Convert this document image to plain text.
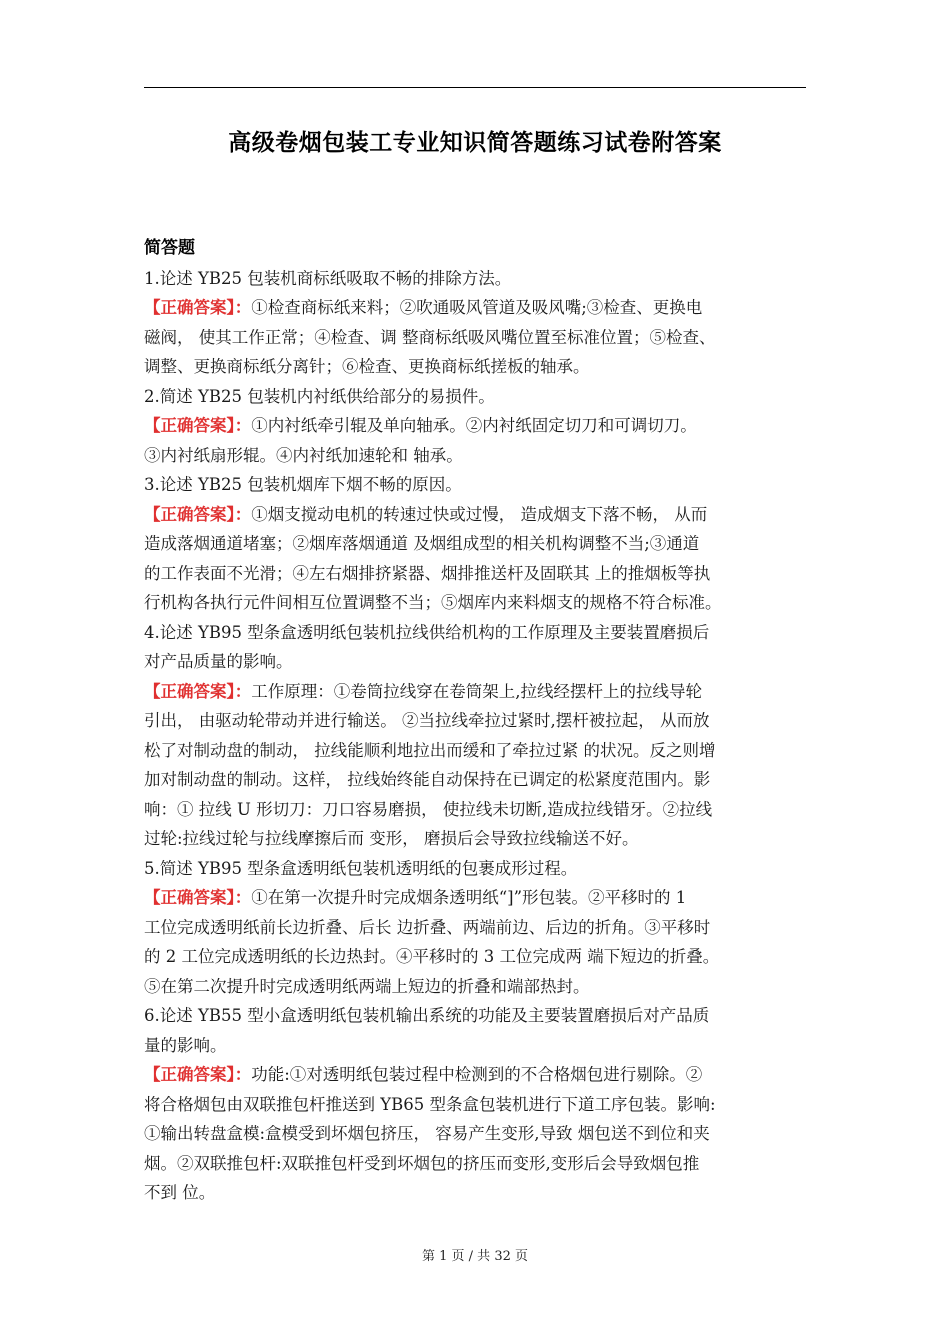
高级卷烟包装工专业知识简答题练习试卷附答案
简答题
1.论述 YB25 包装机商标纸吸取不畅的排除方法。
【正确答案】：①检查商标纸来料；②吹通吸风管道及吸风嘴;③检查、更换电
磁阀， 使其工作正常；④检查、调 整商标纸吸风嘴位置至标准位置；⑤检查、
调整、更换商标纸分离针；⑥检查、更换商标纸搓板的轴承。
2.简述 YB25 包装机内衬纸供给部分的易损件。
【正确答案】：①内衬纸牵引辊及单向轴承。②内衬纸固定切刀和可调切刀。
③内衬纸扇形辊。④内衬纸加速轮和 轴承。
3.论述 YB25 包装机烟库下烟不畅的原因。
【正确答案】：①烟支搅动电机的转速过快或过慢， 造成烟支下落不畅， 从而
造成落烟通道堵塞；②烟库落烟通道 及烟组成型的相关机构调整不当;③通道
的工作表面不光滑；④左右烟排挤紧器、烟排推送杆及固联其 上的推烟板等执
行机构各执行元件间相互位置调整不当；⑤烟库内来料烟支的规格不符合标准。
4.论述 YB95 型条盒透明纸包装机拉线供给机构的工作原理及主要装置磨损后
对产品质量的影响。
【正确答案】：工作原理：①卷筒拉线穿在卷筒架上,拉线经摆杆上的拉线导轮
引出， 由驱动轮带动并进行输送。 ②当拉线牵拉过紧时,摆杆被拉起， 从而放
松了对制动盘的制动， 拉线能顺利地拉出而缓和了牵拉过紧 的状况。反之则增
加对制动盘的制动。这样， 拉线始终能自动保持在已调定的松紧度范围内。影
响：① 拉线 U 形切刀：刀口容易磨损， 使拉线未切断,造成拉线错牙。②拉线
过轮:拉线过轮与拉线摩擦后而 变形， 磨损后会导致拉线输送不好。
5.简述 YB95 型条盒透明纸包装机透明纸的包裹成形过程。
【正确答案】：①在第一次提升时完成烟条透明纸“]”形包装。②平移时的 1
工位完成透明纸前长边折叠、后长 边折叠、两端前边、后边的折角。③平移时
的 2 工位完成透明纸的长边热封。④平移时的 3 工位完成两 端下短边的折叠。
⑤在第二次提升时完成透明纸两端上短边的折叠和端部热封。
6.论述 YB55 型小盒透明纸包装机输出系统的功能及主要装置磨损后对产品质
量的影响。
【正确答案】：功能:①对透明纸包装过程中检测到的不合格烟包进行剔除。②
将合格烟包由双联推包杆推送到 YB65 型条盒包装机进行下道工序包装。影响:
①输出转盘盒模:盒模受到坏烟包挤压， 容易产生变形,导致 烟包送不到位和夹
烟。②双联推包杆:双联推包杆受到坏烟包的挤压而变形,变形后会导致烟包推
不到 位。
第 1 页 / 共 32 页
